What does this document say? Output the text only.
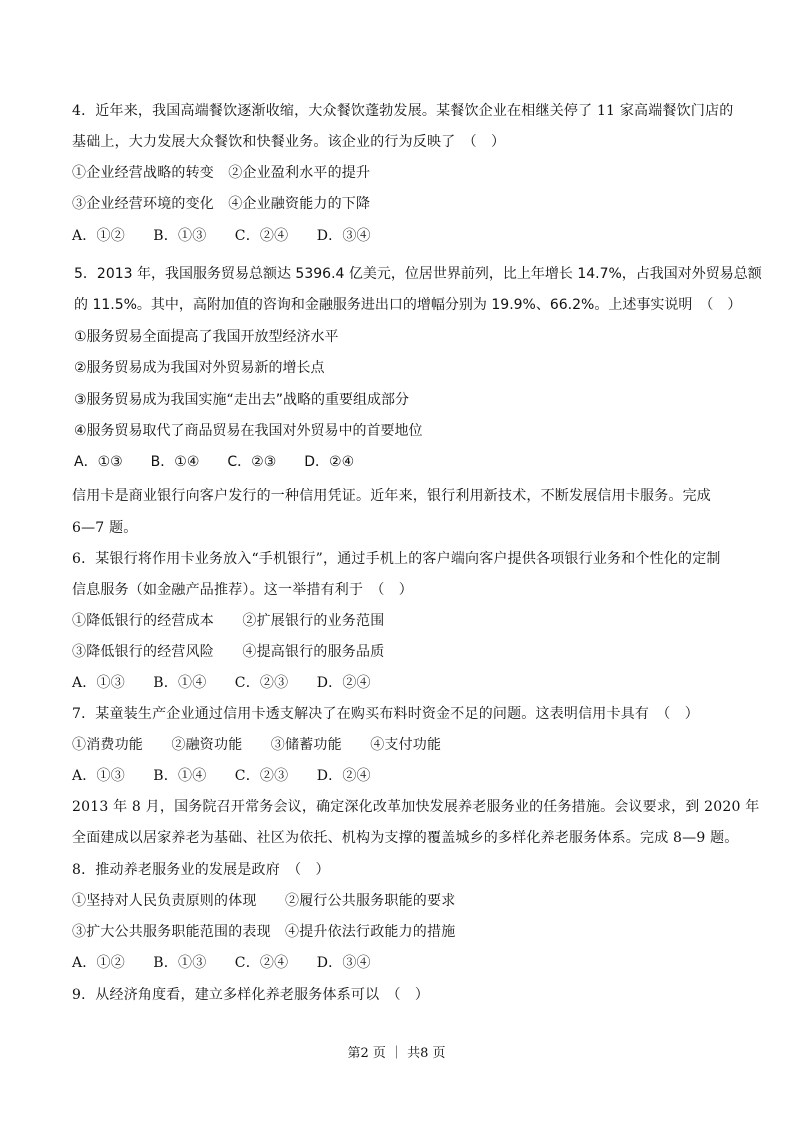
4．近年来，我国高端餐饮逐渐收缩，大众餐饮蓬勃发展。某餐饮企业在相继关停了 11 家高端餐饮门店的
基础上，大力发展大众餐饮和快餐业务。该企业的行为反映了　（　）
①企业经营战略的转变　②企业盈利水平的提升
③企业经营环境的变化　④企业融资能力的下降
A．①②　　B．①③　　C．②④　　D．③④
5．2013 年，我国服务贸易总额达 5396.4 亿美元，位居世界前列，比上年增长 14.7%，占我国对外贸易总额
的 11.5%。其中，高附加值的咨询和金融服务进出口的增幅分别为 19.9%、66.2%。上述事实说明　（　）
①服务贸易全面提高了我国开放型经济水平
②服务贸易成为我国对外贸易新的增长点
③服务贸易成为我国实施“走出去”战略的重要组成部分
④服务贸易取代了商品贸易在我国对外贸易中的首要地位
A．①③　　B．①④　　C．②③　　D．②④
信用卡是商业银行向客户发行的一种信用凭证。近年来，银行利用新技术，不断发展信用卡服务。完成
6—7 题。
6．某银行将作用卡业务放入“手机银行”，通过手机上的客户端向客户提供各项银行业务和个性化的定制
信息服务（如金融产品推荐）。这一举措有利于　（　）
①降低银行的经营成本　　②扩展银行的业务范围
③降低银行的经营风险　　④提高银行的服务品质
A．①③　　B．①④　　C．②③　　D．②④
7．某童装生产企业通过信用卡透支解决了在购买布料时资金不足的问题。这表明信用卡具有　（　）
①消费功能　　②融资功能　　③储蓄功能　　④支付功能
A．①③　　B．①④　　C．②③　　D．②④
2013 年 8 月，国务院召开常务会议，确定深化改革加快发展养老服务业的任务措施。会议要求，到 2020 年
全面建成以居家养老为基础、社区为依托、机构为支撑的覆盖城乡的多样化养老服务体系。完成 8—9 题。
8．推动养老服务业的发展是政府　（　）
①坚持对人民负责原则的体现　　②履行公共服务职能的要求
③扩大公共服务职能范围的表现　④提升依法行政能力的措施
A．①②　　B．①③　　C．②④　　D．③④
9．从经济角度看，建立多样化养老服务体系可以　（　）
第2 页 ｜ 共8 页
